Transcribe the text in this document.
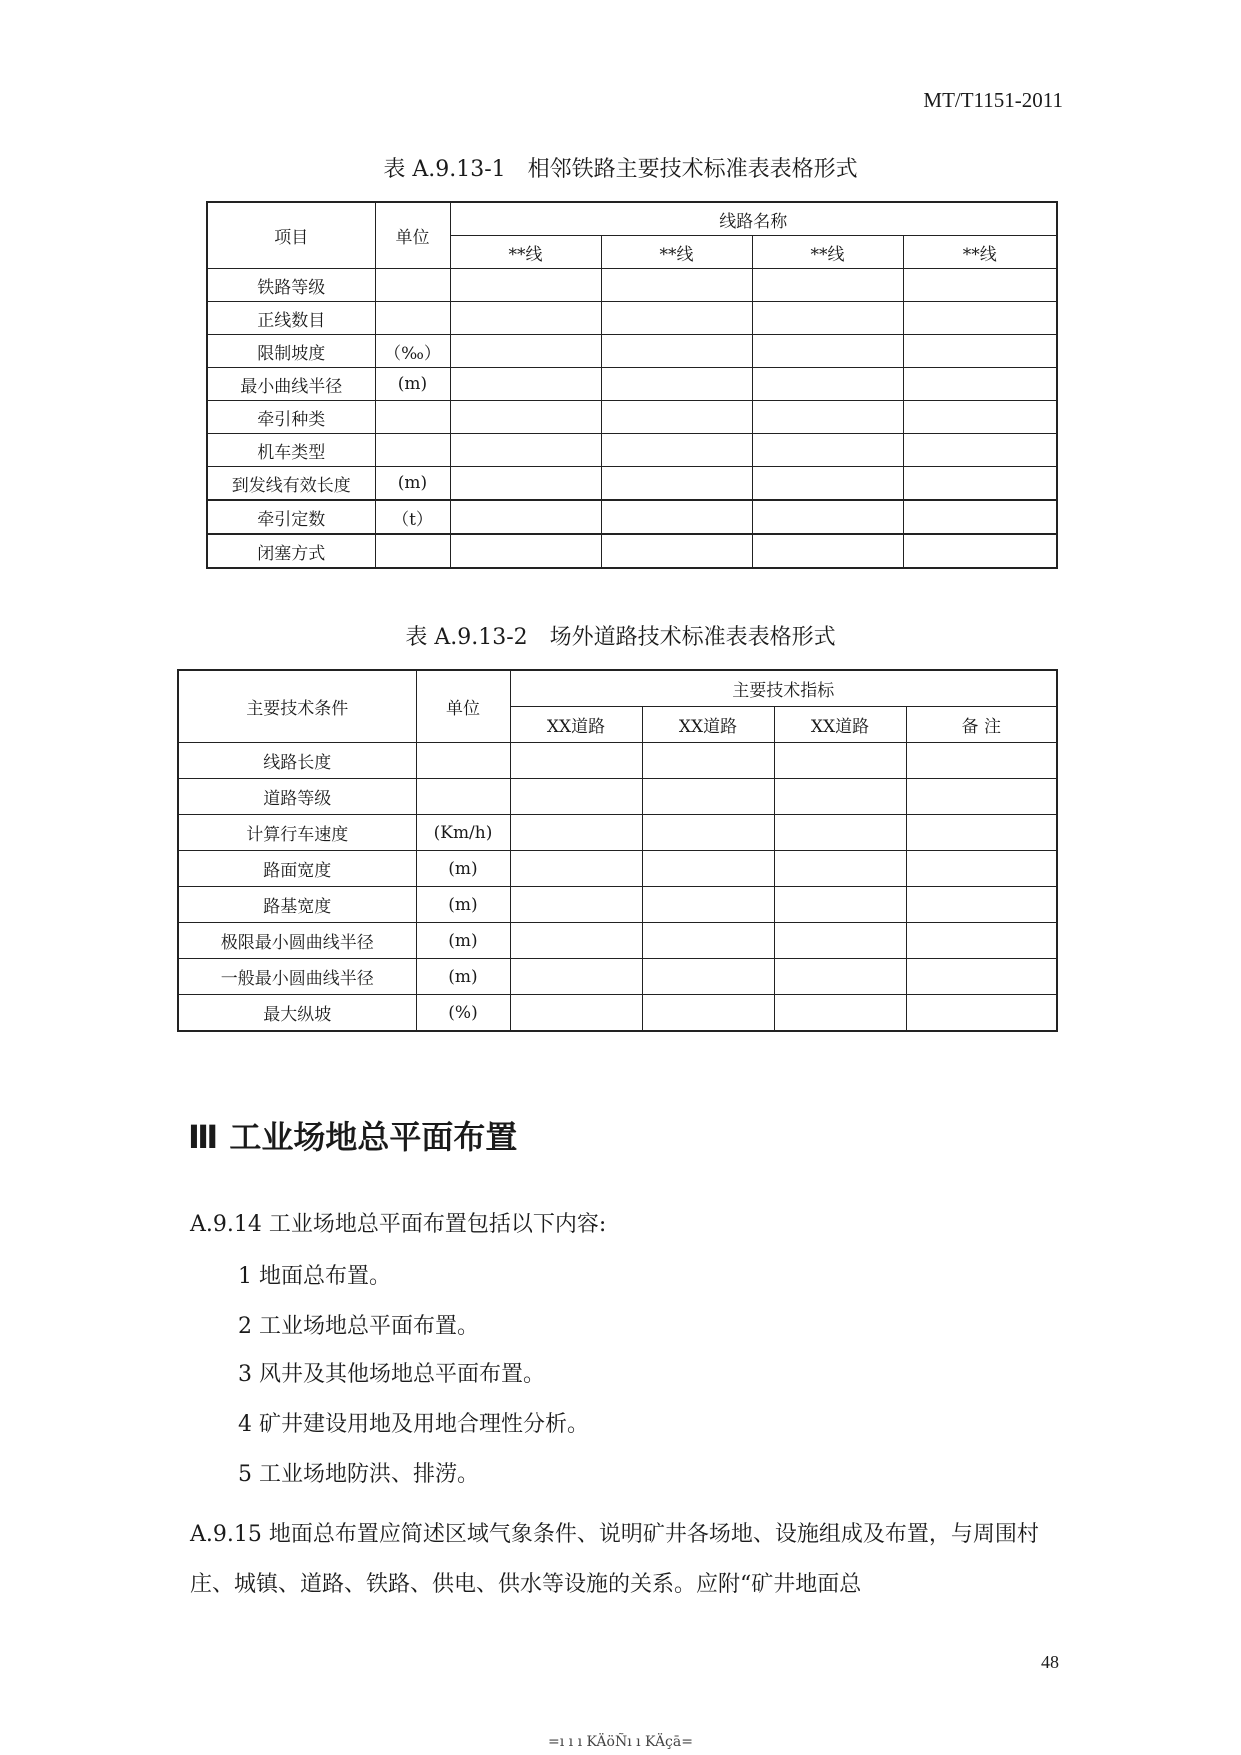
MT/T1151-2011
表 A.9.13-1　相邻铁路主要技术标准表表格形式
项目	单位	线路名称			
		**线	**线	**线	**线
铁路等级					
正线数目					
限制坡度	（‰）				
最小曲线半径	(m)				
牵引种类					
机车类型					
到发线有效长度	(m)				
牵引定数	（t）				
闭塞方式					
表 A.9.13-2　场外道路技术标准表表格形式
主要技术条件	单位	主要技术指标			
		XX道路	XX道路	XX道路	备 注
线路长度					
道路等级					
计算行车速度	(Km/h)				
路面宽度	(m)				
路基宽度	(m)				
极限最小圆曲线半径	(m)				
一般最小圆曲线半径	(m)				
最大纵坡	(%)				
Ⅲ 工业场地总平面布置
A.9.14 工业场地总平面布置包括以下内容:
1 地面总布置。
2 工业场地总平面布置。
3 风井及其他场地总平面布置。
4 矿井建设用地及用地合理性分析。
5 工业场地防洪、排涝。
A.9.15 地面总布置应简述区域气象条件、说明矿井各场地、设施组成及布置，与周围村庄、城镇、道路、铁路、供电、供水等设施的关系。应附“矿井地面总
48
=ı ı ı KÄöÑı ı KÄçā=
